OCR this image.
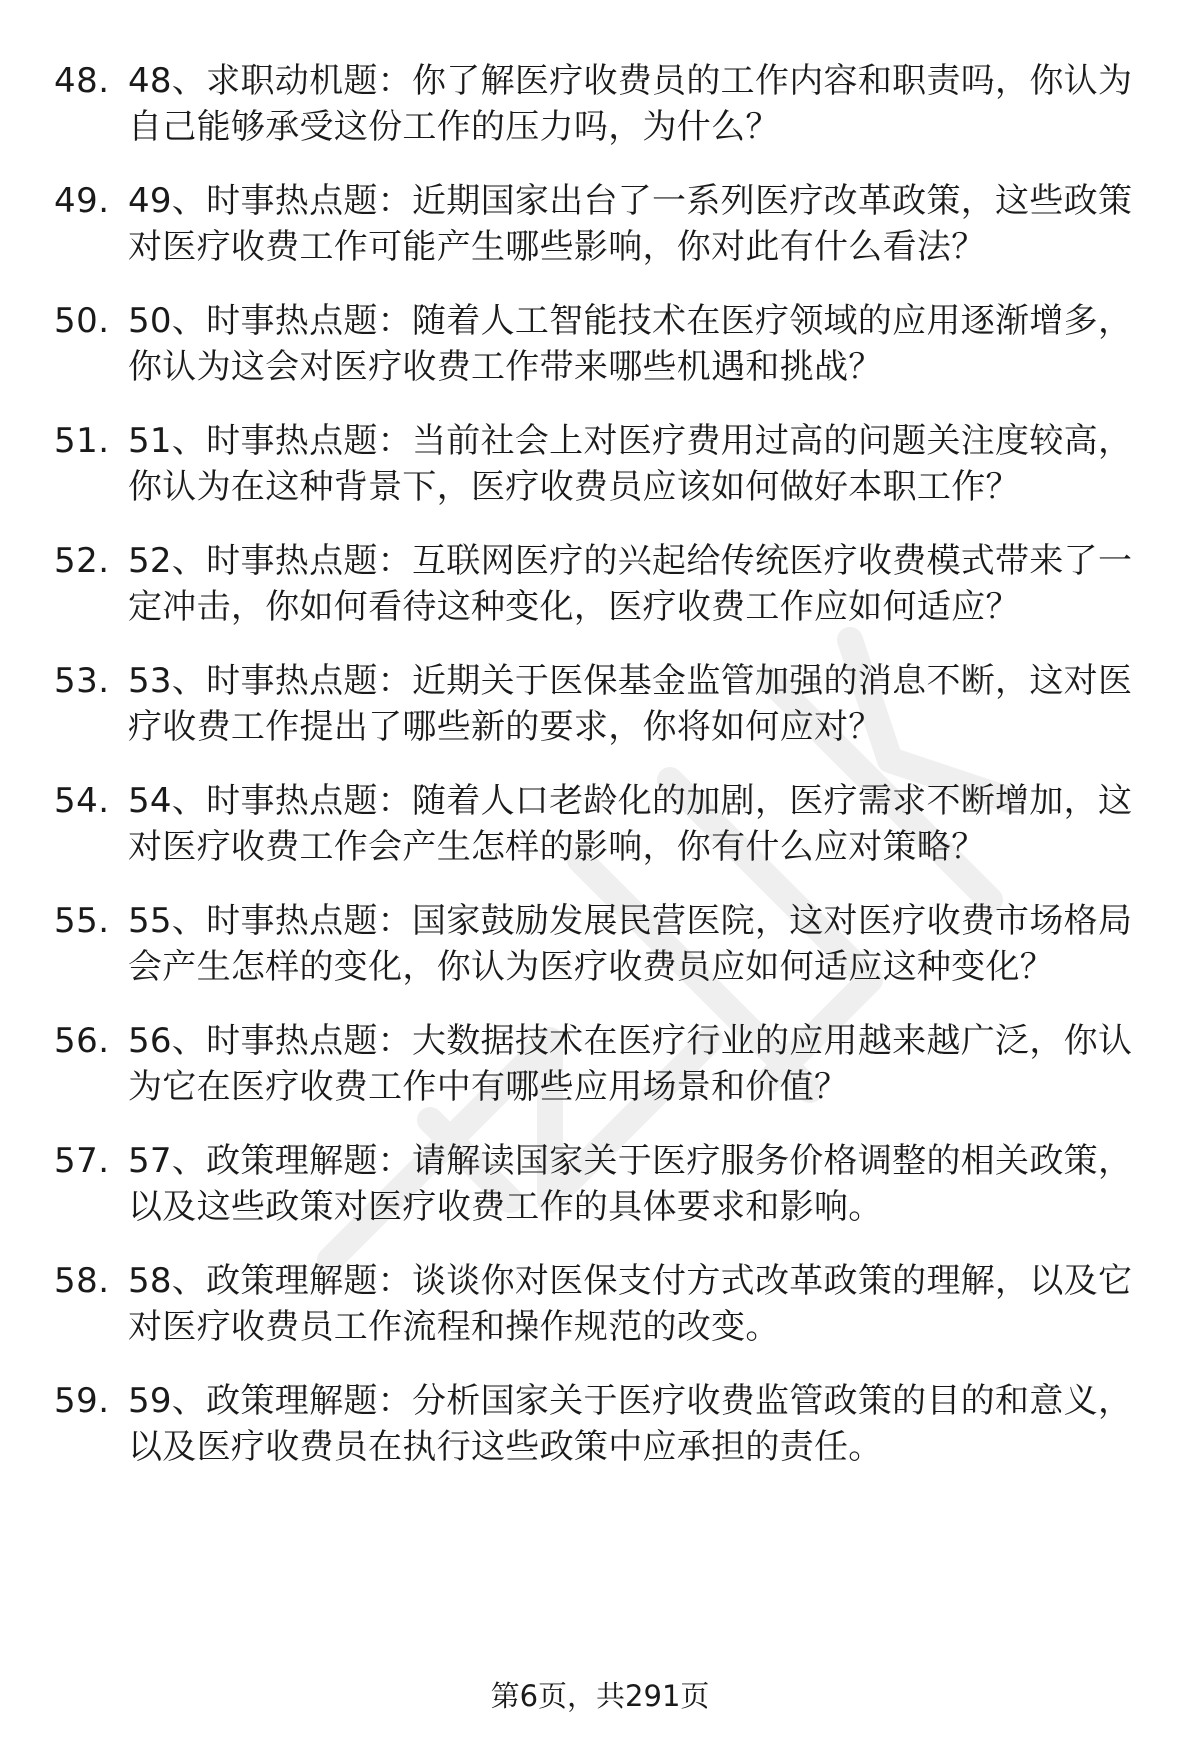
48. 48、求职动机题：你了解医疗收费员的工作内容和职责吗，你认为自己能够承受这份工作的压力吗，为什么？
49. 49、时事热点题：近期国家出台了一系列医疗改革政策，这些政策对医疗收费工作可能产生哪些影响，你对此有什么看法？
50. 50、时事热点题：随着人工智能技术在医疗领域的应用逐渐增多，你认为这会对医疗收费工作带来哪些机遇和挑战？
51. 51、时事热点题：当前社会上对医疗费用过高的问题关注度较高，你认为在这种背景下，医疗收费员应该如何做好本职工作？
52. 52、时事热点题：互联网医疗的兴起给传统医疗收费模式带来了一定冲击，你如何看待这种变化，医疗收费工作应如何适应？
53. 53、时事热点题：近期关于医保基金监管加强的消息不断，这对医疗收费工作提出了哪些新的要求，你将如何应对？
54. 54、时事热点题：随着人口老龄化的加剧，医疗需求不断增加，这对医疗收费工作会产生怎样的影响，你有什么应对策略？
55. 55、时事热点题：国家鼓励发展民营医院，这对医疗收费市场格局会产生怎样的变化，你认为医疗收费员应如何适应这种变化？
56. 56、时事热点题：大数据技术在医疗行业的应用越来越广泛，你认为它在医疗收费工作中有哪些应用场景和价值？
57. 57、政策理解题：请解读国家关于医疗服务价格调整的相关政策，以及这些政策对医疗收费工作的具体要求和影响。
58. 58、政策理解题：谈谈你对医保支付方式改革政策的理解，以及它对医疗收费员工作流程和操作规范的改变。
59. 59、政策理解题：分析国家关于医疗收费监管政策的目的和意义，以及医疗收费员在执行这些政策中应承担的责任。
第6页，共291页
